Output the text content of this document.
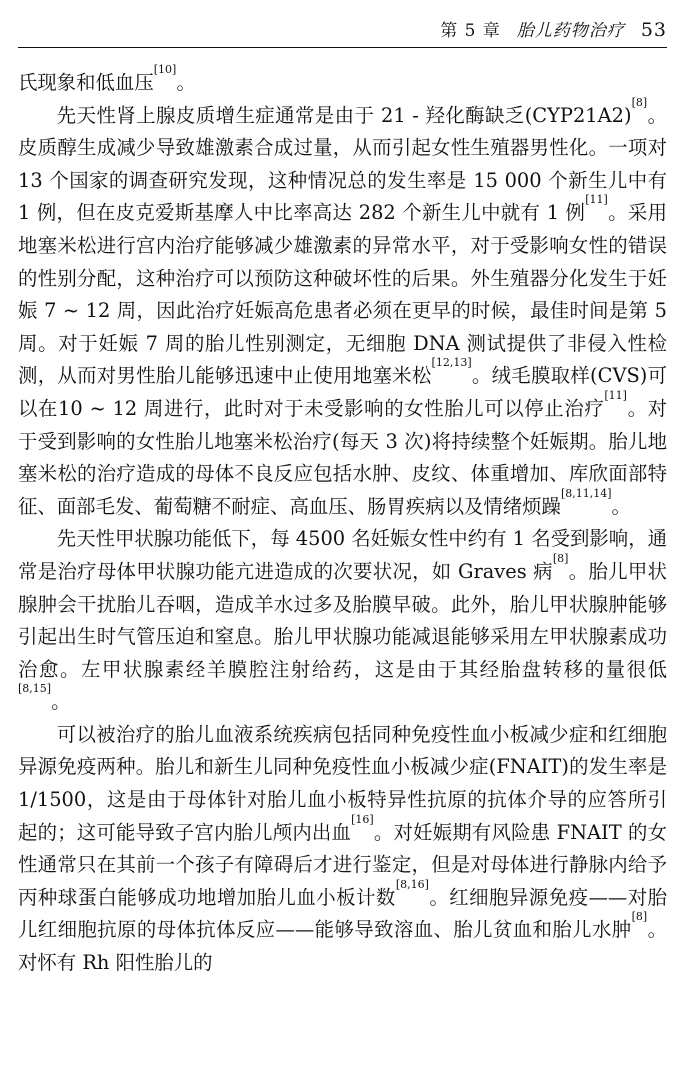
第 5 章 胎儿药物治疗 53

氏现象和低血压[10]。

先天性肾上腺皮质增生症通常是由于 21 - 羟化酶缺乏(CYP21A2)[8]。皮质醇生成减少导致雄激素合成过量，从而引起女性生殖器男性化。一项对 13 个国家的调查研究发现，这种情况总的发生率是 15 000 个新生儿中有 1 例，但在皮克爱斯基摩人中比率高达 282 个新生儿中就有 1 例[11]。采用地塞米松进行宫内治疗能够减少雄激素的异常水平，对于受影响女性的错误的性别分配，这种治疗可以预防这种破坏性的后果。外生殖器分化发生于妊娠 7 ~ 12 周，因此治疗妊娠高危患者必须在更早的时候，最佳时间是第 5 周。对于妊娠 7 周的胎儿性别测定，无细胞 DNA 测试提供了非侵入性检测，从而对男性胎儿能够迅速中止使用地塞米松[12,13]。绒毛膜取样(CVS)可以在10 ~ 12 周进行，此时对于未受影响的女性胎儿可以停止治疗[11]。对于受到影响的女性胎儿地塞米松治疗(每天 3 次)将持续整个妊娠期。胎儿地塞米松的治疗造成的母体不良反应包括水肿、皮纹、体重增加、库欣面部特征、面部毛发、葡萄糖不耐症、高血压、肠胃疾病以及情绪烦躁[8,11,14]。

先天性甲状腺功能低下，每 4500 名妊娠女性中约有 1 名受到影响，通常是治疗母体甲状腺功能亢进造成的次要状况，如 Graves 病[8]。胎儿甲状腺肿会干扰胎儿吞咽，造成羊水过多及胎膜早破。此外，胎儿甲状腺肿能够引起出生时气管压迫和窒息。胎儿甲状腺功能减退能够采用左甲状腺素成功治愈。左甲状腺素经羊膜腔注射给药，这是由于其经胎盘转移的量很低[8,15]。

可以被治疗的胎儿血液系统疾病包括同种免疫性血小板减少症和红细胞异源免疫两种。胎儿和新生儿同种免疫性血小板减少症(FNAIT)的发生率是 1/1500，这是由于母体针对胎儿血小板特异性抗原的抗体介导的应答所引起的；这可能导致子宫内胎儿颅内出血[16]。对妊娠期有风险患 FNAIT 的女性通常只在其前一个孩子有障碍后才进行鉴定，但是对母体进行静脉内给予丙种球蛋白能够成功地增加胎儿血小板计数[8,16]。红细胞异源免疫——对胎儿红细胞抗原的母体抗体反应——能够导致溶血、胎儿贫血和胎儿水肿[8]。对怀有 Rh 阳性胎儿的
